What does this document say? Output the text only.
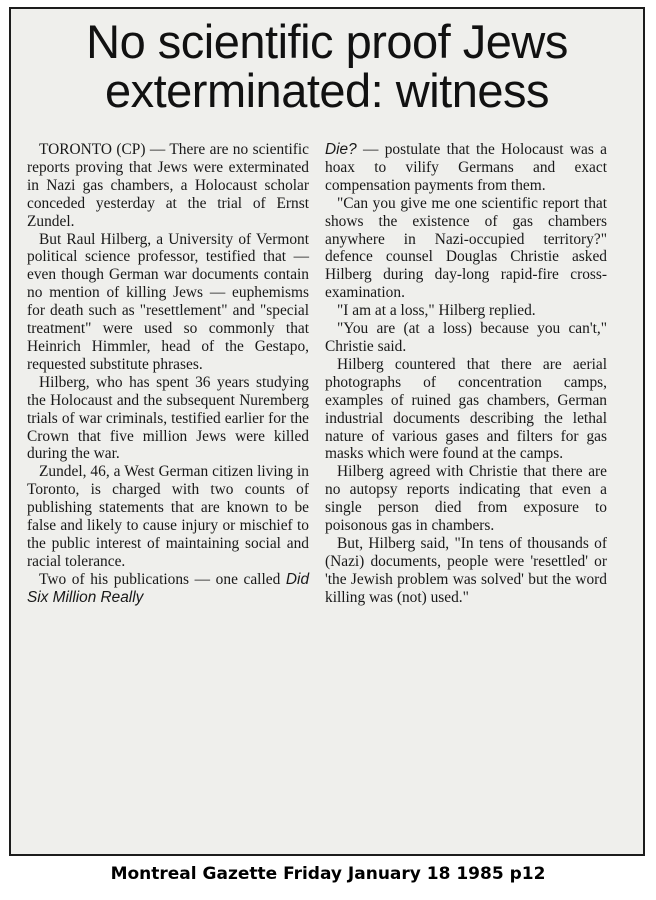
No scientific proof Jews
exterminated: witness

TORONTO (CP) — There are no scientific reports proving that Jews were exterminated in Nazi gas chambers, a Holocaust scholar conceded yesterday at the trial of Ernst Zundel.

But Raul Hilberg, a University of Vermont political science professor, testified that — even though German war documents contain no mention of killing Jews — euphemisms for death such as "resettlement" and "special treatment" were used so commonly that Heinrich Himmler, head of the Gestapo, requested substitute phrases.

Hilberg, who has spent 36 years studying the Holocaust and the subsequent Nuremberg trials of war criminals, testified earlier for the Crown that five million Jews were killed during the war.

Zundel, 46, a West German citizen living in Toronto, is charged with two counts of publishing statements that are known to be false and likely to cause injury or mischief to the public interest of maintaining social and racial tolerance.

Two of his publications — one called Did Six Million Really

Die? — postulate that the Holocaust was a hoax to vilify Germans and exact compensation payments from them.

"Can you give me one scientific report that shows the existence of gas chambers anywhere in Nazi-occupied territory?" defence counsel Douglas Christie asked Hilberg during day-long rapid-fire cross-examination.

"I am at a loss," Hilberg replied.

"You are (at a loss) because you can't," Christie said.

Hilberg countered that there are aerial photographs of concentration camps, examples of ruined gas chambers, German industrial documents describing the lethal nature of various gases and filters for gas masks which were found at the camps.

Hilberg agreed with Christie that there are no autopsy reports indicating that even a single person died from exposure to poisonous gas in chambers.

But, Hilberg said, "In tens of thousands of (Nazi) documents, people were 'resettled' or 'the Jewish problem was solved' but the word killing was (not) used."

Montreal Gazette Friday January 18 1985 p12
